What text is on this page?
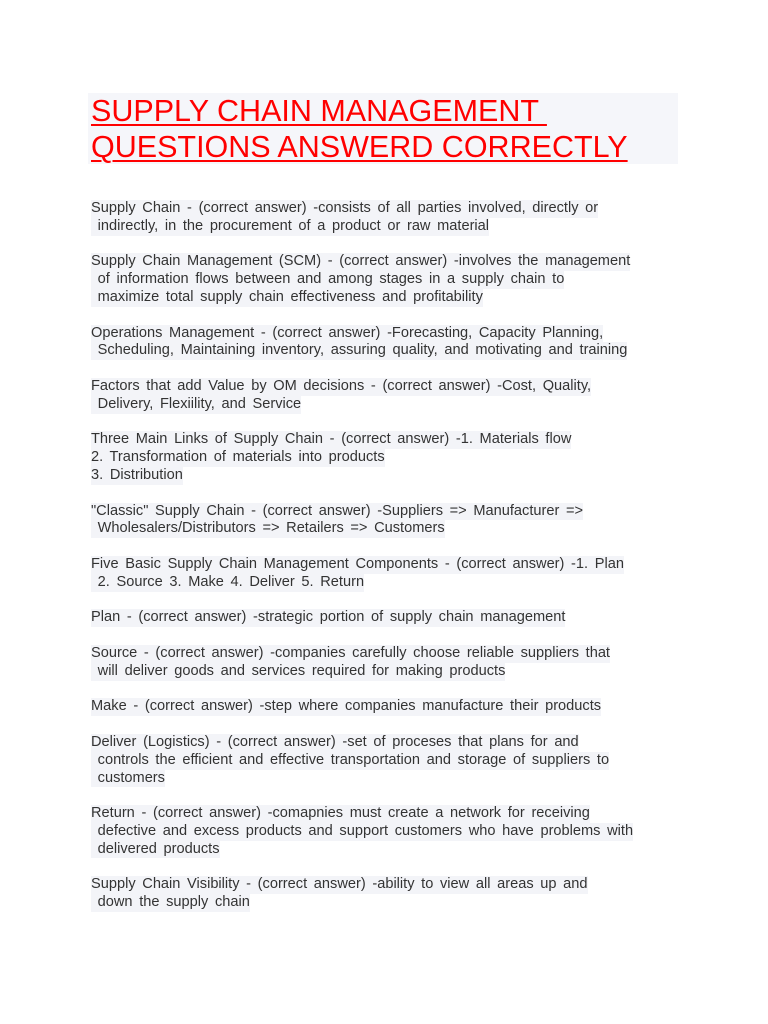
SUPPLY CHAIN MANAGEMENT
QUESTIONS ANSWERD CORRECTLY

Supply Chain - (correct answer) -consists of all parties involved, directly or
indirectly, in the procurement of a product or raw material

Supply Chain Management (SCM) - (correct answer) -involves the management
of information flows between and among stages in a supply chain to
maximize total supply chain effectiveness and profitability

Operations Management - (correct answer) -Forecasting, Capacity Planning,
Scheduling, Maintaining inventory, assuring quality, and motivating and training

Factors that add Value by OM decisions - (correct answer) -Cost, Quality,
Delivery, Flexiility, and Service

Three Main Links of Supply Chain - (correct answer) -1. Materials flow
2. Transformation of materials into products
3. Distribution

"Classic" Supply Chain - (correct answer) -Suppliers => Manufacturer =>
Wholesalers/Distributors => Retailers => Customers

Five Basic Supply Chain Management Components - (correct answer) -1. Plan
2. Source 3. Make 4. Deliver 5. Return

Plan - (correct answer) -strategic portion of supply chain management

Source - (correct answer) -companies carefully choose reliable suppliers that
will deliver goods and services required for making products

Make - (correct answer) -step where companies manufacture their products

Deliver (Logistics) - (correct answer) -set of proceses that plans for and
controls the efficient and effective transportation and storage of suppliers to
customers

Return - (correct answer) -comapnies must create a network for receiving
defective and excess products and support customers who have problems with
delivered products

Supply Chain Visibility - (correct answer) -ability to view all areas up and
down the supply chain
